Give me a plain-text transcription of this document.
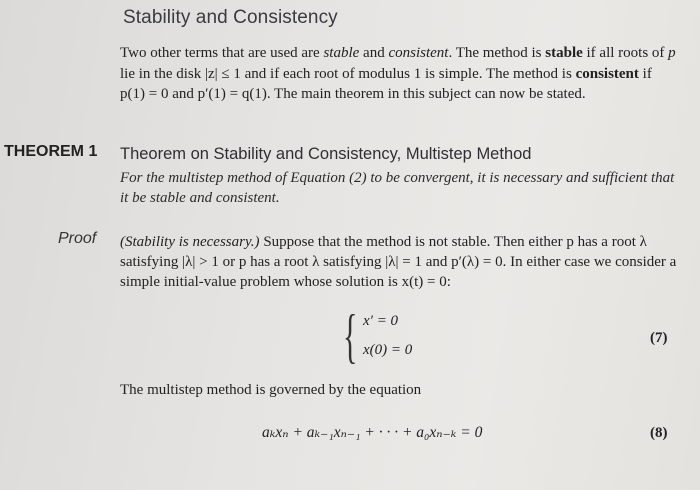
Stability and Consistency
Two other terms that are used are stable and consistent. The method is stable if all roots of p lie in the disk |z| ≤ 1 and if each root of modulus 1 is simple. The method is consistent if p(1) = 0 and p′(1) = q(1). The main theorem in this subject can now be stated.
THEOREM 1 Theorem on Stability and Consistency, Multistep Method
For the multistep method of Equation (2) to be convergent, it is necessary and sufficient that it be stable and consistent.
Proof (Stability is necessary.) Suppose that the method is not stable. Then either p has a root λ satisfying |λ| > 1 or p has a root λ satisfying |λ| = 1 and p′(λ) = 0. In either case we consider a simple initial-value problem whose solution is x(t) = 0:
{ x′ = 0
x(0) = 0
(7)
The multistep method is governed by the equation
aₖxₙ + aₖ₋₁xₙ₋₁ + · · · + a₀xₙ₋ₖ = 0	(8)
